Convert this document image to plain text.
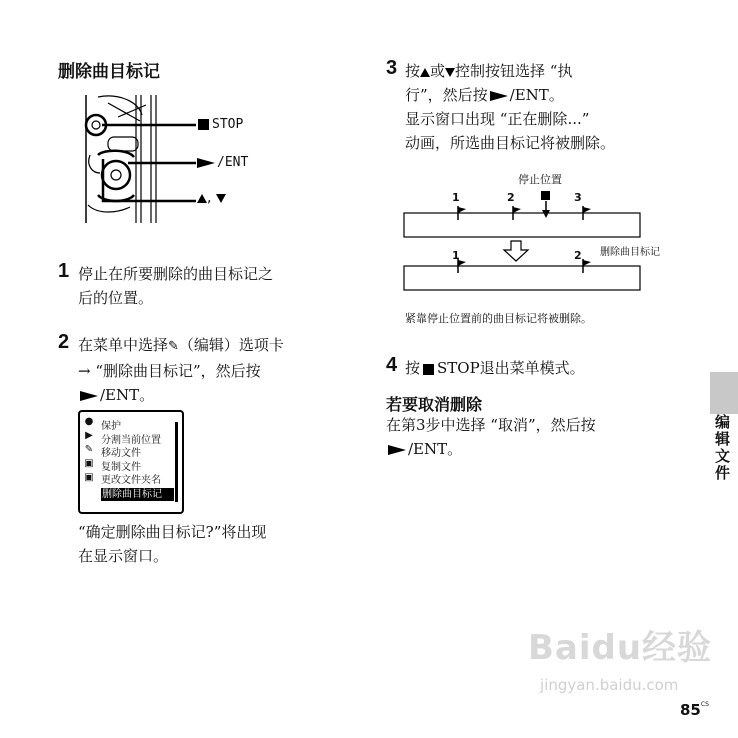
删除曲目标记
STOP
/ENT
,
1 停止在所要删除的曲目标记之
后的位置。
2 在菜单中选择✎（编辑）选项卡
→ “删除曲目标记”，然后按
/ENT。
●
▶
✎
▣
▣
保护
分割当前位置
移动文件
复制文件
更改文件夹名
删除曲目标记
“确定删除曲目标记?”将出现
在显示窗口。
3 按 或 控制按钮选择 “执
行”，然后按 /ENT。
显示窗口出现 “正在删除...”
动画，所选曲目标记将被删除。
停止位置
1	2	3
1	2 删除曲目标记
紧靠停止位置前的曲目标记将被删除。
4 按 STOP退出菜单模式。
若要取消删除
在第3步中选择 “取消”，然后按
/ENT。	编辑文件
Baidu经验
jingyan.baidu.com
$85^{CS}$
